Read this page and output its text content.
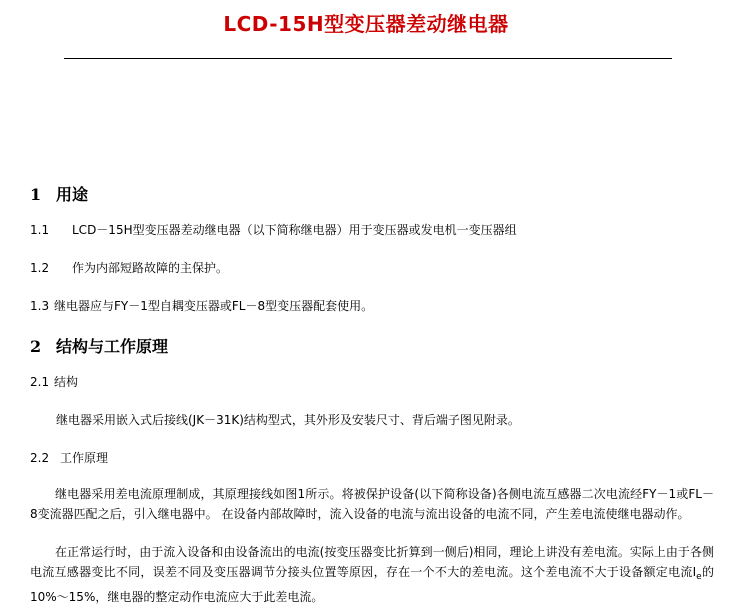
LCD-15H型变压器差动继电器
1 用途
1.1 LCD－15H型变压器差动继电器（以下简称继电器）用于变压器或发电机一变压器组
1.2 作为内部短路故障的主保护。
1.3 继电器应与FY－1型自耦变压器或FL－8型变压器配套使用。
2 结构与工作原理
2.1 结构
继电器采用嵌入式后接线(JK－31K)结构型式，其外形及安装尺寸、背后端子图见附录。
2.2 工作原理
继电器采用差电流原理制成，其原理接线如图1所示。将被保护设备(以下简称设备)各侧电流互感器二次电流经FY－1或FL－8变流器匹配之后，引入继电器中。 在设备内部故障时，流入设备的电流与流出设备的电流不同，产生差电流使继电器动作。
在正常运行时，由于流入设备和由设备流出的电流(按变压器变比折算到一侧后)相同，理论上讲没有差电流。实际上由于各侧电流互感器变比不同，误差不同及变压器调节分接头位置等原因，存在一个不大的差电流。这个差电流不大于设备额定电流$I_e$的10%～15%，继电器的整定动作电流应大于此差电流。
